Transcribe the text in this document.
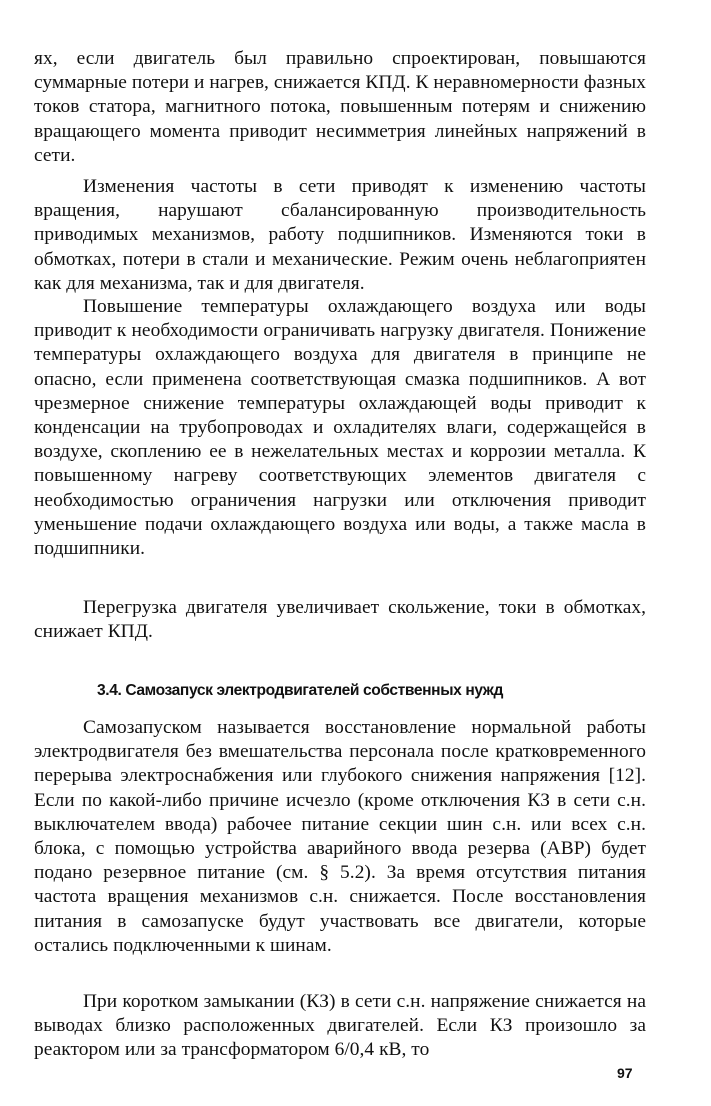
ях, если двигатель был правильно спроектирован, повышаются суммарные потери и нагрев, снижается КПД. К неравномерности фазных токов статора, магнитного потока, повышенным потерям и снижению вращающего момента приводит несимметрия линейных напряжений в сети.

Изменения частоты в сети приводят к изменению частоты вращения, нарушают сбалансированную производительность приводимых механизмов, работу подшипников. Изменяются токи в обмотках, потери в стали и механические. Режим очень неблагоприятен как для механизма, так и для двигателя.

Повышение температуры охлаждающего воздуха или воды приводит к необходимости ограничивать нагрузку двигателя. Понижение температуры охлаждающего воздуха для двигателя в принципе не опасно, если применена соответствующая смазка подшипников. А вот чрезмерное снижение температуры охлаждающей воды приводит к конденсации на трубопроводах и охладителях влаги, содержащейся в воздухе, скоплению ее в нежелательных местах и коррозии металла. К повышенному нагреву соответствующих элементов двигателя с необходимостью ограничения нагрузки или отключения приводит уменьшение подачи охлаждающего воздуха или воды, а также масла в подшипники.

Перегрузка двигателя увеличивает скольжение, токи в обмотках, снижает КПД.

3.4. Самозапуск электродвигателей собственных нужд

Самозапуском называется восстановление нормальной работы электродвигателя без вмешательства персонала после кратковременного перерыва электроснабжения или глубокого снижения напряжения [12]. Если по какой-либо причине исчезло (кроме отключения КЗ в сети с.н. выключателем ввода) рабочее питание секции шин с.н. или всех с.н. блока, с помощью устройства аварийного ввода резерва (АВР) будет подано резервное питание (см. § 5.2). За время отсутствия питания частота вращения механизмов с.н. снижается. После восстановления питания в самозапуске будут участвовать все двигатели, которые остались подключенными к шинам.

При коротком замыкании (КЗ) в сети с.н. напряжение снижается на выводах близко расположенных двигателей. Если КЗ произошло за реактором или за трансформатором 6/0,4 кВ, то

97
